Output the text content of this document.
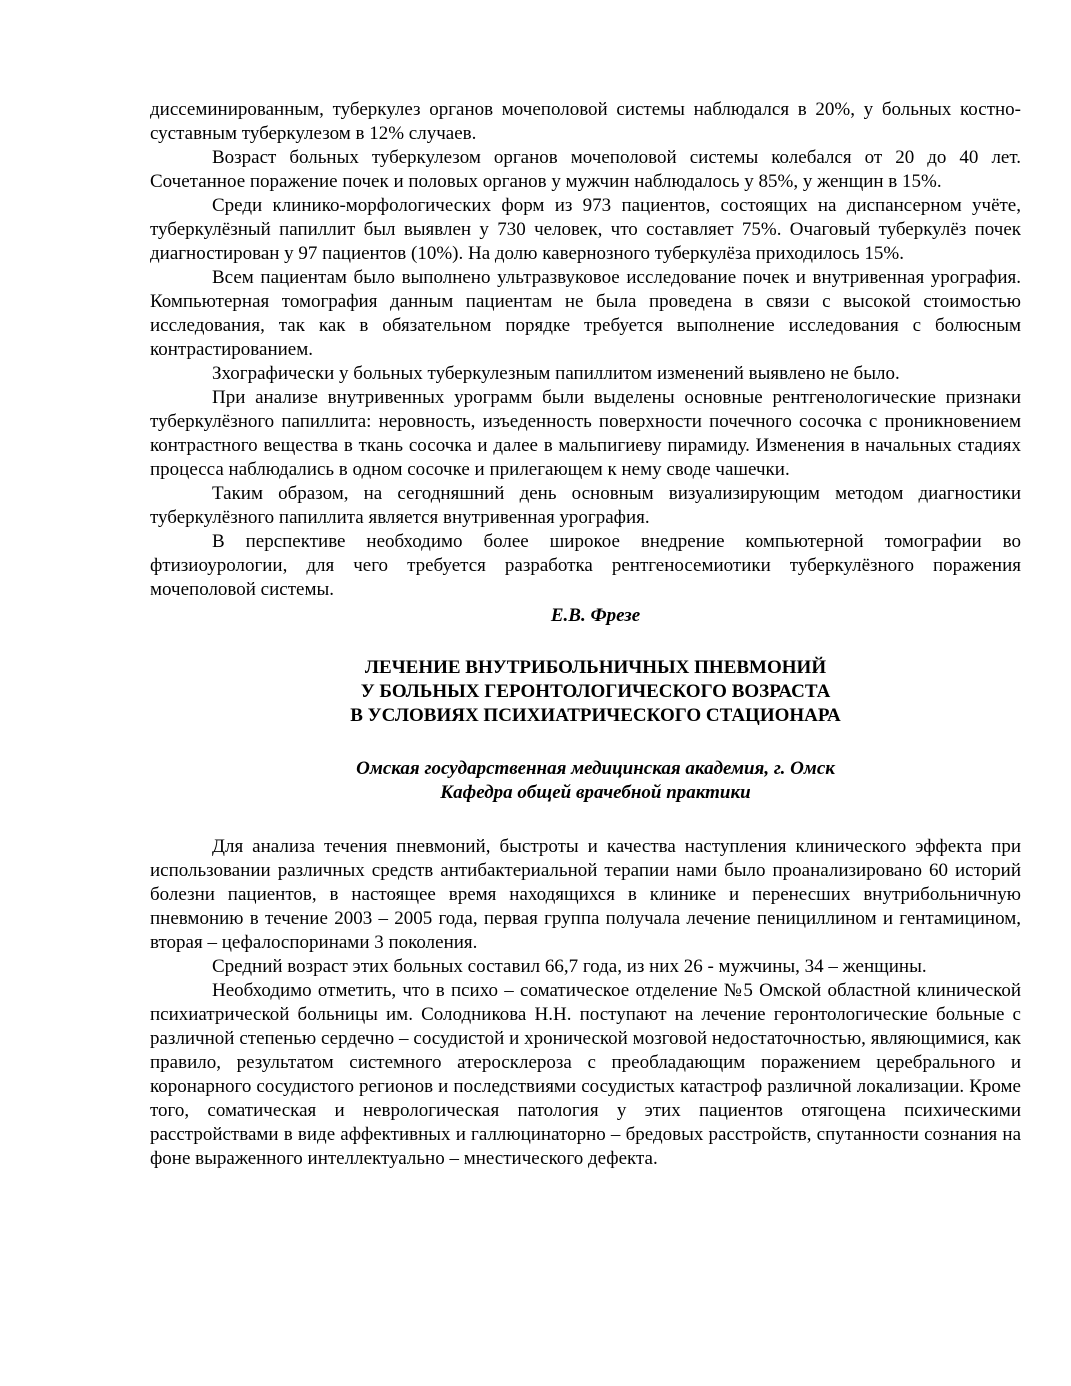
диссеминированным, туберкулез органов мочеполовой системы наблюдался в 20%, у больных костно-суставным туберкулезом в 12% случаев.

Возраст больных туберкулезом органов мочеполовой системы колебался от 20 до 40 лет. Сочетанное поражение почек и половых органов у мужчин наблюдалось у 85%, у женщин в 15%.

Среди клинико-морфологических форм из 973 пациентов, состоящих на диспансерном учёте, туберкулёзный папиллит был выявлен у 730 человек, что составляет 75%. Очаговый туберкулёз почек диагностирован у 97 пациентов (10%). На долю кавернозного туберкулёза приходилось 15%.

Всем пациентам было выполнено ультразвуковое исследование почек и внутривенная урография. Компьютерная томография данным пациентам не была проведена в связи с высокой стоимостью исследования, так как в обязательном порядке требуется выполнение исследования с болюсным контрастированием.

Зхографически у больных туберкулезным папиллитом изменений выявлено не было.

При анализе внутривенных урограмм были выделены основные рентгенологические признаки туберкулёзного папиллита: неровность, изъеденность поверхности почечного сосочка с проникновением контрастного вещества в ткань сосочка и далее в мальпигиеву пирамиду. Изменения в начальных стадиях процесса наблюдались в одном сосочке и прилегающем к нему своде чашечки.

Таким образом, на сегодняшний день основным визуализирующим методом диагностики туберкулёзного папиллита является внутривенная урография.

В перспективе необходимо более широкое внедрение компьютерной томографии во фтизиоурологии, для чего требуется разработка рентгеносемиотики туберкулёзного поражения мочеполовой системы.

Е.В. Фрезе

ЛЕЧЕНИЕ ВНУТРИБОЛЬНИЧНЫХ ПНЕВМОНИЙ
У БОЛЬНЫХ ГЕРОНТОЛОГИЧЕСКОГО ВОЗРАСТА
В УСЛОВИЯХ ПСИХИАТРИЧЕСКОГО СТАЦИОНАРА
Омская государственная медицинская академия, г. Омск
Кафедра общей врачебной практики

Для анализа течения пневмоний, быстроты и качества наступления клинического эффекта при использовании различных средств антибактериальной терапии нами было проанализировано 60 историй болезни пациентов, в настоящее время находящихся в клинике и перенесших внутрибольничную пневмонию в течение 2003 – 2005 года, первая группа получала лечение пенициллином и гентамицином, вторая – цефалоспоринами 3 поколения.

Средний возраст этих больных составил 66,7 года, из них 26 - мужчины, 34 – женщины.

Необходимо отметить, что в психо – соматическое отделение №5 Омской областной клинической психиатрической больницы им. Солодникова Н.Н. поступают на лечение геронтологические больные с различной степенью сердечно – сосудистой и хронической мозговой недостаточностью, являющимися, как правило, результатом системного атеросклероза с преобладающим поражением церебрального и коронарного сосудистого регионов и последствиями сосудистых катастроф различной локализации. Кроме того, соматическая и неврологическая патология у этих пациентов отягощена психическими расстройствами в виде аффективных и галлюцинаторно – бредовых расстройств, спутанности сознания на фоне выраженного интеллектуально – мнестического дефекта.
